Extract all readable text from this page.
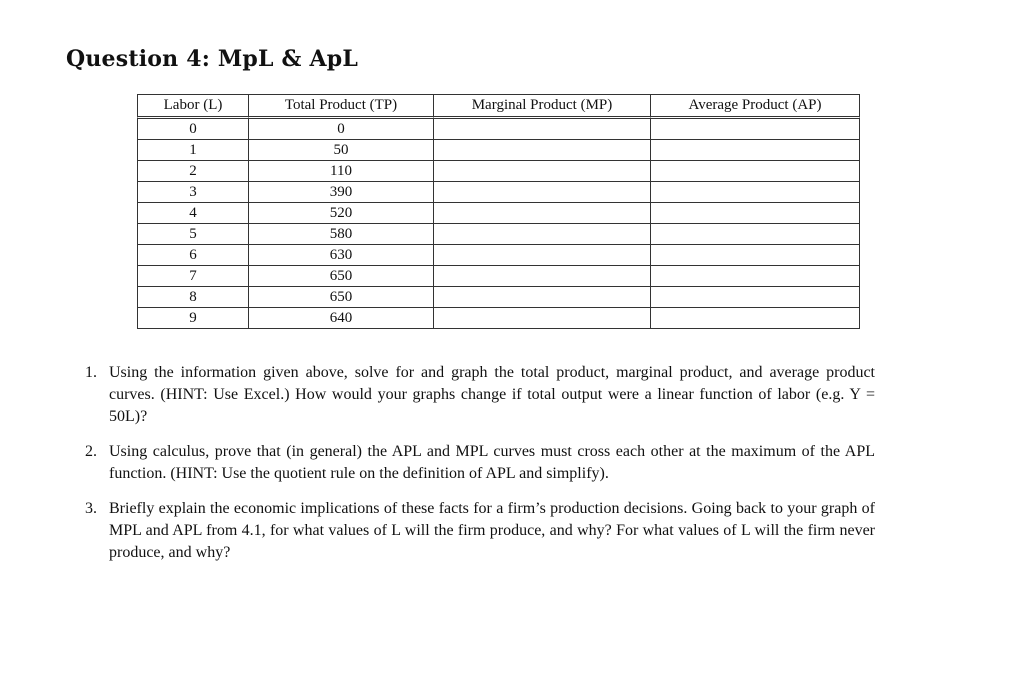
Question 4: MpL & ApL
Labor (L)	Total Product (TP)	Marginal Product (MP)	Average Product (AP)
0	0		
1	50		
2	110		
3	390		
4	520		
5	580		
6	630		
7	650		
8	650		
9	640		
1. Using the information given above, solve for and graph the total product, marginal product, and average product curves. (HINT: Use Excel.) How would your graphs change if total output were a linear function of labor (e.g. Y = 50L)?
2. Using calculus, prove that (in general) the APL and MPL curves must cross each other at the maximum of the APL function. (HINT: Use the quotient rule on the definition of APL and simplify).
3. Briefly explain the economic implications of these facts for a firm’s production decisions. Going back to your graph of MPL and APL from 4.1, for what values of L will the firm produce, and why? For what values of L will the firm never produce, and why?
